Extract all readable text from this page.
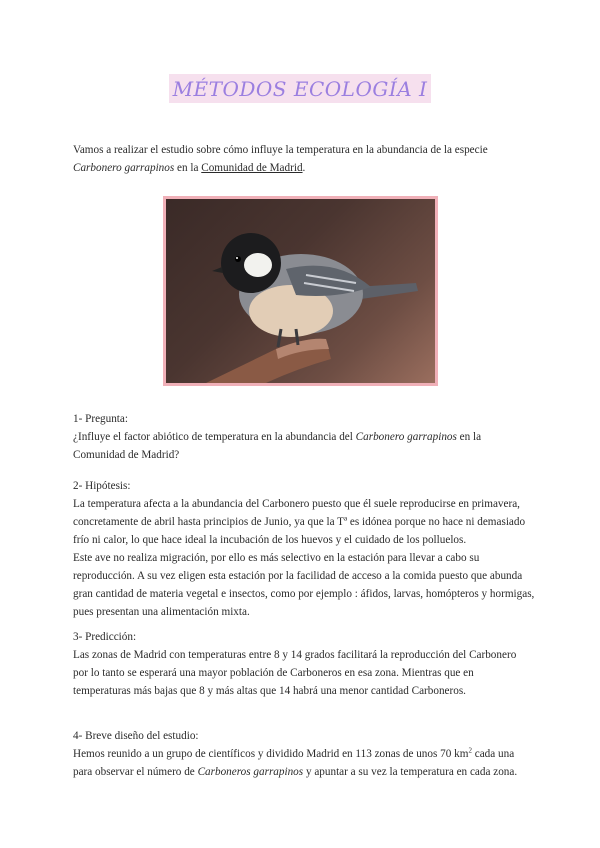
MÉTODOS ECOLOGÍA I

Vamos a realizar el estudio sobre cómo influye la temperatura en la abundancia de la especie
Carbonero garrapinos en la Comunidad de Madrid.

1- Pregunta:
¿Influye el factor abiótico de temperatura en la abundancia del Carbonero garrapinos en la Comunidad de Madrid?

2- Hipótesis:
La temperatura afecta a la abundancia del Carbonero puesto que él suele reproducirse en primavera, concretamente de abril hasta principios de Junio, ya que la Tª es idónea porque no hace ni demasiado frío ni calor, lo que hace ideal la incubación de los huevos y el cuidado de los polluelos.
Este ave no realiza migración, por ello es más selectivo en la estación para llevar a cabo su reproducción. A su vez eligen esta estación por la facilidad de acceso a la comida puesto que abunda gran cantidad de materia vegetal e insectos, como por ejemplo : áfidos, larvas, homópteros y hormigas, pues presentan una alimentación mixta.

3- Predicción:
Las zonas de Madrid con temperaturas entre 8 y 14 grados facilitará la reproducción del Carbonero por lo tanto se esperará una mayor población de Carboneros en esa zona. Mientras que en temperaturas más bajas que 8 y más altas que 14 habrá una menor cantidad Carboneros.

4- Breve diseño del estudio:
Hemos reunido a un grupo de científicos y dividido Madrid en 113 zonas de unos 70 $km^2$ cada una para observar el número de Carboneros garrapinos y apuntar a su vez la temperatura en cada zona.
